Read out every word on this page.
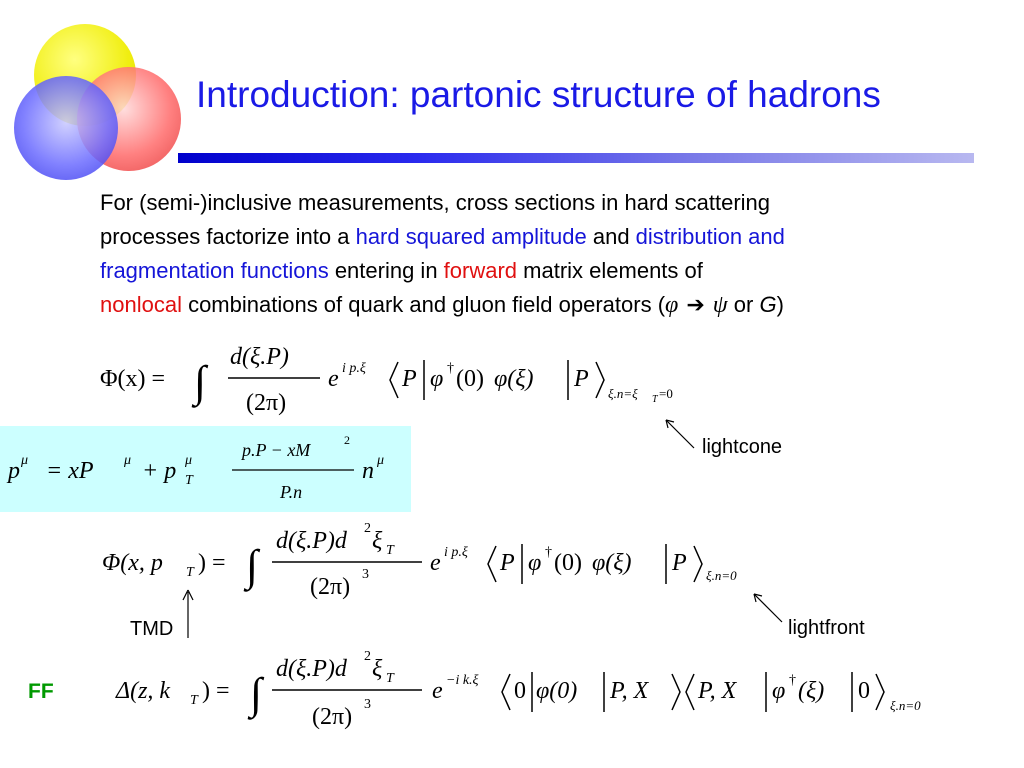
Introduction: partonic structure of hadrons
For (semi-)inclusive measurements, cross sections in hard scattering
processes factorize into a hard squared amplitude and distribution and
fragmentation functions entering in forward matrix elements of
nonlocal combinations of quark and gluon field operators (φ ➔ ψ or G)
Φ(x) = ∫ d(ξ.P)
(2π)
e i p.ξ P φ † (0) φ(ξ) P
ξ.n=ξ T =0
lightcone
p μ = xP μ + p μ
T
p.P − xM	2
P.n
n μ
Φ(x, p T ) = ∫ d(ξ.P)d 2 ξ T
(2π) 3	e i p.ξ P φ † (0) φ(ξ) P ξ.n=0
TMD	lightfront
FF	Δ(z, k T ) = ∫ d(ξ.P)d 2 ξ T
(2π) 3
e −i k.ξ 0 φ(0) P, X P, X φ † (ξ) 0
ξ.n=0
